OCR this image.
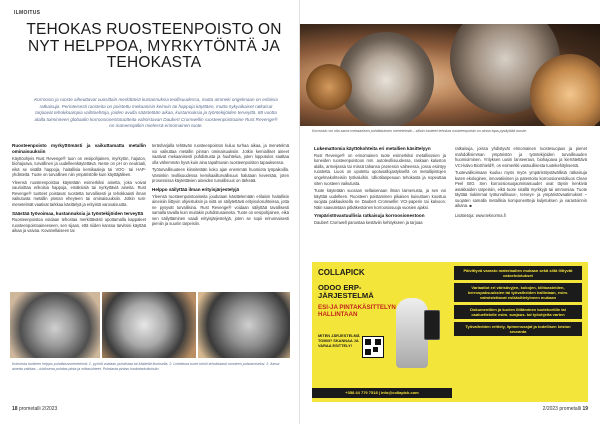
ILMOITUS
TEHOKAS RUOSTEENPOISTO ON NYT HELPPOA, MYRKYTÖNTÄ JA TEHOKASTA

Korroosio ja ruoste aiheuttavat vuosittain merkittäviä kustannuksia teollisuudessa, mutta ammeki ongelmaan on erilaisia ratkaisuja. Perinteisesti ruosteita on poistettu mekaanisin keinoin tai happoja käyttäen, mutta nykyaikaiset ratkaisut tarjoavat tehokkaampia vaihtoehtoja, joiden avulla säästetään aikaa, kustannuksia ja työntekijöiden terveyttä. 88 vuotta alalla toiminneen globaalin korroosionestotuotteita valmistavan Daubert Cromwellin ruosteenpoistoaine Rust Revenge® on maneesqalkin mielessä erinomainen tuote.

Ruosteenpoisto myrkyttömästi ja vaikuttamatta metallin ominaisuuksiin

Käyttöohjeis Rust Revenge® tuon on vesipohjainen, myrkytön, hajuton, biohajoava, turvallinen ja uudelleenkäytettävä. Neste on pH on neutraali, eikä se sisällä happoja, haitallisia kemikaaleja tai VOC- tai HAP-yhdisteitä. Tuote on turvallinen niin ympäristölle kuin käyttäjälleen.

Yleensä ruosteenpoistoa käytetään esimerkiksi ainetta, joka voivat vaurioittaa erikoisia happoja, emäksisiä tai nyrkyttäviä aineita. Rust Revenge® tuotteet poistavat ruostetta turvallisesti ja tehokkaasti ilman vaikutusta metallin pinnan eheyteen tai ominaisuuksiin. Jotkin rust-menetelmät vaativat tarkkaa käsittelyä ja erityistä varovaisuutta.

Säästää työvoimaa, kustannuksia ja työntekijöiden terveyttä

Ruosteenpoistoa voidaan tehostaa merkittävästi upottamalla kappaleet ruosteenpoistoaineeseen, sen sijaan, että niiden kanssa tarvitsisi käyttää aikaa ja vaivaa. Kovanellaiseen tai

teräsharjalla tehtävän ruosteenpoiston kuluu turhaa aikaa, ja menetelmä voi vaikuttaa metallin pinnan ominaisuuksiin. Jotkin kemialliset aineet vaativat mekaanisesti puhdistusta ja huuhtelua, joten lopputulos saattaa olla vähemmän hyvä kuin aina tapahtuvan ruosteenpoiston tapauksessa.

Työturvallisuuteen kiinnitetään koko ajan enemmän huomiota työpaikoilla. Varsinkin teollisuudessa kemikaaliturvallisuus halutaan keventää, joten prosessissa käytettävien aineiden turvallisuus on tärkeää.

Helppo säilyttää ilman erityisjärjestelyjä

Yleensä ruosteenpoistoaineita joudutaan käsittelemään erilaisin haitallisin aineisiin liittyvin ohjeistuksin ja niitä on säilytettävä erityisolosuhteissa, jotta ne pysyvät turvallisina. Rust Revenge® voidaan säilyttää tavallisesti samalla tavalla kuin muitakin puhdistusaineita. Tuote on vesipohjainen, eikä sen säilyttäminen vaadi erityisjärjestelyjä, joten se sopii erinomaisesti pieniin ja suuriin tarpeisiin.

Kolmesta tuotteen helppo puhdistusmenetelmä: 1. pyöriä voidaan puhdistaa tai käsitellä liuoksella. 2. Liotettuna tuote toimii tehokkaasti ruosteen poistamiseksi. 3. Ainoa ainetta vaihtaa – tuloksena puhdas pinta ja mittasuhteet. Puhdasta pintaa huoltotarkoituksiin.

18 prometalli 2/2023

Korroosio voi olla sama mekaanisen puhdistuksen menetelmät – silloin tuotteet tehokas ruosteenpoisto on ainoa tapa pysäyttää ruoste.

Lukemattomia käyttökohteita eri metallien käsittelyyn

Rust Revenge® on erinomainen tuote esimerkiksi metallisosien ja koneiden ruosteenpoistoon mm. autoteollisuudessa, raskaan kaluston alalla, armeijassa tai missä tahansa prosessin vaiheessa, jossa esiintyy ruostetta. Liuos on upotettu upotusallojastyksellä on metallipintojen ongelmakohteisiin työkaluihin. Ulkotilanpesuun tehokasta ja nopeuttaa siten ruosteen vaikutusta.

Tuote käytetään suoraan sellaisenaan ilman laimenusta, ja sen voi käyttää uudelleen. Ruosteen poistaminen pikaisen kuivuttuen koostuu suojata pakkauksella ne Daubert Cromwellin VCI-paperin tai kalvoon. Näin saavutetaan pitkäkestoinen korroosiosuoja vuosien ajaksi.

Ympäristövastuullisia ratkaisuja korroosionestoon

Daubert Cromwell panostaa kestäviin kehitykseen ja tarjoaa

ratkaisuja, joissa yhdistyvät erinomainen ruostesuojaus ja pienet mahdollisimman ympäristön ja työntekijöiden turvallisuuden huomioiminen. Yrityksen uusin lanseeraus, biohajoava ja kierrätettävä VCI-kalvo BioShield®, on esimerkki vastuullisesta tuotekehityksestä.

Tuotevalikoimaan kuuluu myös myös ympäristöystävällisiä ratkaisuja kuten ekologinen, innovatiivinen ja patentoitu korroosionestoliuos Clean Peel BIO. Sen korroosiosuojaominaisuudet ovat täysin kenkiviä asiakkaiden tarpeisiin, eikä tuote sisällä myrkkyjä tai ammoniaa. Tuote täyttää tiukimmat työturvallisuus-, terveys- ja ympäristövaatimukset – suojaten samalla metallisia komponentteja kuljetuksen ja varastoinnin aikana. ■

Lisätietoja: www.teknorma.fi

COLLAPICK
ODOO ERP-JÄRJESTELMÄ
ESI-JA PINTAKÄSITTELYN HALLINTAAN
MITEN JÄRJESTELMÄ TOIMII? SKANNAA JA VARAA ESITTELY!
+358 44 779 7518 | info@collapick.com
Päivittyvä varasto materiaalien mukaan sekä siitä liittyvät ostoehdotukset
Variaatiot eri värisävyjen, kokojen, kiiltoasteiden, kerrospaksuuksien tai työvaiheiden hallintaan, esim. valmistettavat esikäsittelyineen mukaan
Dokumenttien ja kuvien liittäminen tuotekortille tai osaluettelolle esim. suojaus- tai työohjeita varten
Työvaiheiden erittely, lipimenosajat ja todellisen keston seuranta
2/2023 prometalli 19
